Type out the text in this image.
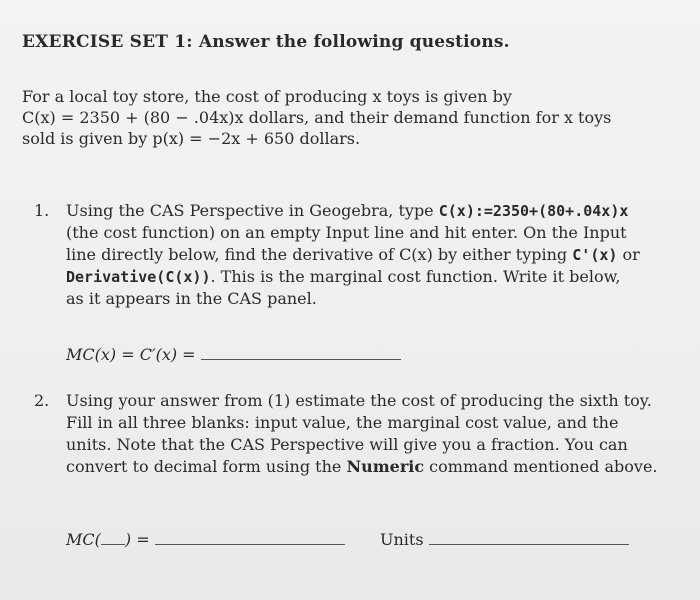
EXERCISE SET 1: Answer the following questions.

For a local toy store, the cost of producing x toys is given by

C(x) = 2350 + (80 − .04x)x dollars, and their demand function for x toys

sold is given by p(x) = −2x + 650 dollars.

1. Using the CAS Perspective in Geogebra, type C(x):=2350+(80+.04x)x

(the cost function) on an empty Input line and hit enter. On the Input

line directly below, find the derivative of C(x) by either typing C'(x) or

Derivative(C(x)). This is the marginal cost function. Write it below,

as it appears in the CAS panel.

MC(x) = C′(x) =
2. Using your answer from (1) estimate the cost of producing the sixth toy.

Fill in all three blanks: input value, the marginal cost value, and the

units. Note that the CAS Perspective will give you a fraction. You can

convert to decimal form using the Numeric command mentioned above.

MC( ) =	Units
